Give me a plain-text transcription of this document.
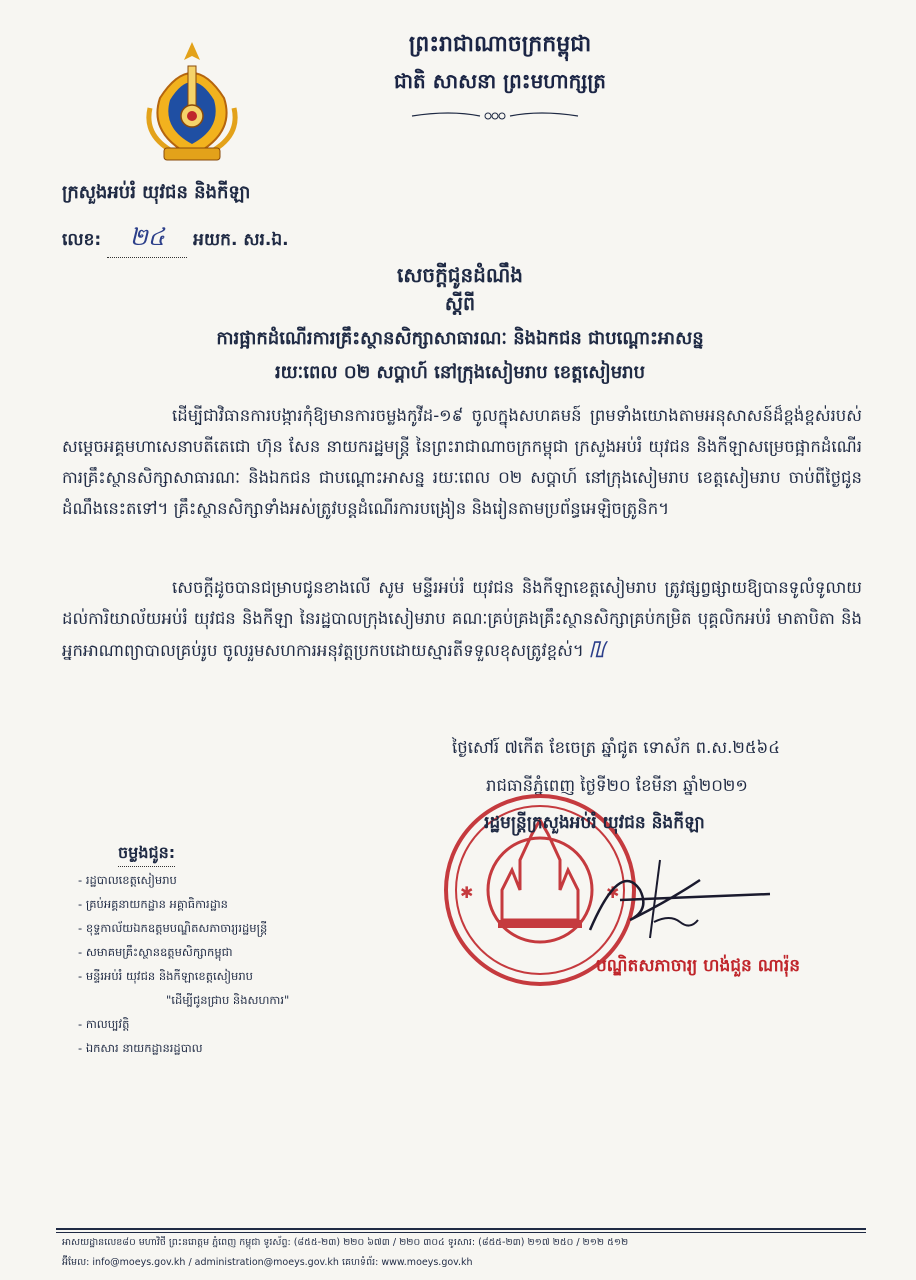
ព្រះរាជាណាចក្រកម្ពុជា
ជាតិ សាសនា ព្រះមហាក្សត្រ
ក្រសួងអប់រំ យុវជន និងកីឡា
លេខ:	២៤	អយក. សរ.ឯ.
សេចក្តីជូនដំណឹង
ស្តីពី
ការផ្អាកដំណើរការគ្រឹះស្ថានសិក្សាសាធារណៈ និងឯកជន ជាបណ្តោះអាសន្ន
រយៈពេល ០២ សប្តាហ៍ នៅក្រុងសៀមរាប ខេត្តសៀមរាប
ដើម្បីជាវិធានការបង្ការកុំឱ្យមានការចម្លងកូវីដ-១៩ ចូលក្នុងសហគមន៍ ព្រមទាំងយោងតាមអនុសាសន៍ដ៏ខ្ពង់ខ្ពស់របស់ សម្តេចអគ្គមហាសេនាបតីតេជោ ហ៊ុន សែន នាយករដ្ឋមន្ត្រី នៃព្រះរាជាណាចក្រកម្ពុជា ក្រសួងអប់រំ យុវជន និងកីឡាសម្រេចផ្អាកដំណើរការគ្រឹះស្ថានសិក្សាសាធារណៈ និងឯកជន ជាបណ្តោះអាសន្ន រយៈពេល ០២ សប្តាហ៍ នៅក្រុងសៀមរាប ខេត្តសៀមរាប ចាប់ពីថ្ងៃជូនដំណឹងនេះតទៅ។ គ្រឹះស្ថានសិក្សាទាំងអស់ត្រូវបន្តដំណើរការបង្រៀន និងរៀនតាមប្រព័ន្ធអេឡិចត្រូនិក។
សេចក្តីដូចបានជម្រាបជូនខាងលើ សូម មន្ទីរអប់រំ យុវជន និងកីឡាខេត្តសៀមរាប ត្រូវផ្សព្វផ្សាយឱ្យបានទូលំទូលាយដល់ការិយាល័យអប់រំ យុវជន និងកីឡា នៃរដ្ឋបាលក្រុងសៀមរាប គណៈគ្រប់គ្រងគ្រឹះស្ថានសិក្សាគ្រប់កម្រិត បុគ្គលិកអប់រំ មាតាបិតា និងអ្នកអាណាព្យាបាលគ្រប់រូប ចូលរួមសហការអនុវត្តប្រកបដោយស្មារតីទទួលខុសត្រូវខ្ពស់។ ꡃ
ថ្ងៃសៅរ៍ ៧កើត ខែចេត្រ ឆ្នាំជូត ទោស័ក ព.ស.២៥៦៤
រាជធានីភ្នំពេញ ថ្ងៃទី២០ ខែមីនា ឆ្នាំ២០២១
✱	✱
រដ្ឋមន្ត្រីក្រសួងអប់រំ យុវជន និងកីឡា
បណ្ឌិតសភាចារ្យ ហង់ជួន ណារ៉ុន
ចម្លងជូន:
- រដ្ឋបាលខេត្តសៀមរាប
- គ្រប់អគ្គនាយកដ្ឋាន អគ្គាធិការដ្ឋាន
- ខុទ្ទកាល័យឯកឧត្តមបណ្ឌិតសភាចារ្យរដ្ឋមន្ត្រី
- សមាគមគ្រឹះស្ថានឧត្តមសិក្សាកម្ពុជា
- មន្ទីរអប់រំ យុវជន និងកីឡាខេត្តសៀមរាប
"ដើម្បីជូនជ្រាប និងសហការ"
- កាលប្បវត្តិ
- ឯកសារ នាយកដ្ឋានរដ្ឋបាល
អាសយដ្ឋានលេខ៨០ មហាវិថី ព្រះនរោត្តម ភ្នំពេញ កម្ពុជា ទូរស័ព្ទ: (៨៥៥-២៣) ២២០ ៦៧៣ / ២២០ ៣០៤ ទូរសារ: (៨៥៥-២៣) ២១៧ ២៥០ / ២១២ ៥១២
អ៊ីមែល: info@moeys.gov.kh / administration@moeys.gov.kh គេហទំព័រ: www.moeys.gov.kh
